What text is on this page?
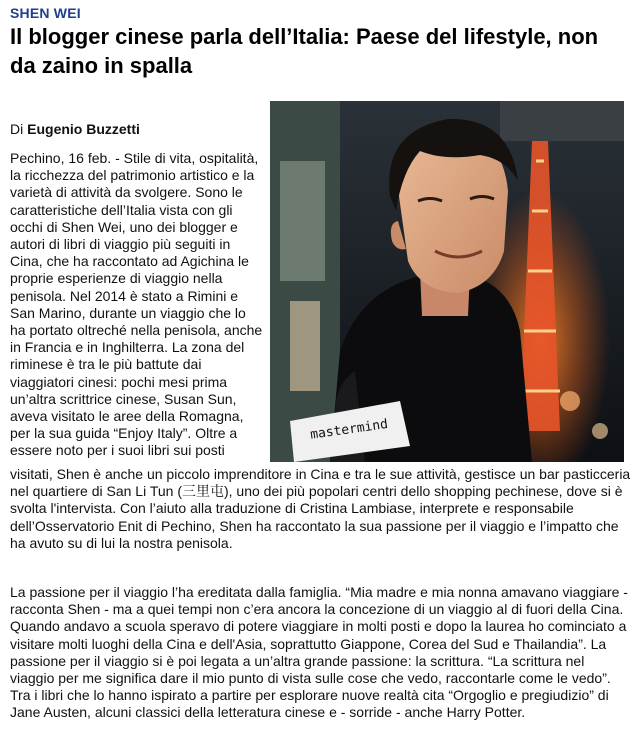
SHEN WEI
Il blogger cinese parla dell’Italia: Paese del lifestyle, non da zaino in spalla
Di Eugenio Buzzetti

Pechino, 16 feb. - Stile di vita, ospitalità, la ricchezza del patrimonio artistico e la varietà di attività da svolgere. Sono le caratteristiche dell’Italia vista con gli occhi di Shen Wei, uno dei blogger e autori di libri di viaggio più seguiti in Cina, che ha raccontato ad Agichina le proprie esperienze di viaggio nella penisola. Nel 2014 è stato a Rimini e San Marino, durante un viaggio che lo ha portato oltreché nella penisola, anche in Francia e in Inghilterra. La zona del riminese è tra le più battute dai viaggiatori cinesi: pochi mesi prima un’altra scrittrice cinese, Susan Sun, aveva visitato le aree della Romagna, per la sua guida “Enjoy Italy”. Oltre a essere noto per i suoi libri sui posti

mastermind

visitati, Shen è anche un piccolo imprenditore in Cina e tra le sue attività, gestisce un bar pasticceria nel quartiere di San Li Tun (三里屯), uno dei più popolari centri dello shopping pechinese, dove si è svolta l'intervista. Con l’aiuto alla traduzione di Cristina Lambiase, interprete e responsabile dell’Osservatorio Enit di Pechino, Shen ha raccontato la sua passione per il viaggio e l’impatto che ha avuto su di lui la nostra penisola.

La passione per il viaggio l’ha ereditata dalla famiglia. “Mia madre e mia nonna amavano viaggiare - racconta Shen - ma a quei tempi non c’era ancora la concezione di un viaggio al di fuori della Cina. Quando andavo a scuola speravo di potere viaggiare in molti posti e dopo la laurea ho cominciato a visitare molti luoghi della Cina e dell'Asia, soprattutto Giappone, Corea del Sud e Thailandia”. La passione per il viaggio si è poi legata a un’altra grande passione: la scrittura. “La scrittura nel viaggio per me significa dare il mio punto di vista sulle cose che vedo, raccontarle come le vedo”. Tra i libri che lo hanno ispirato a partire per esplorare nuove realtà cita “Orgoglio e pregiudizio” di Jane Austen, alcuni classici della letteratura cinese e - sorride - anche Harry Potter.
